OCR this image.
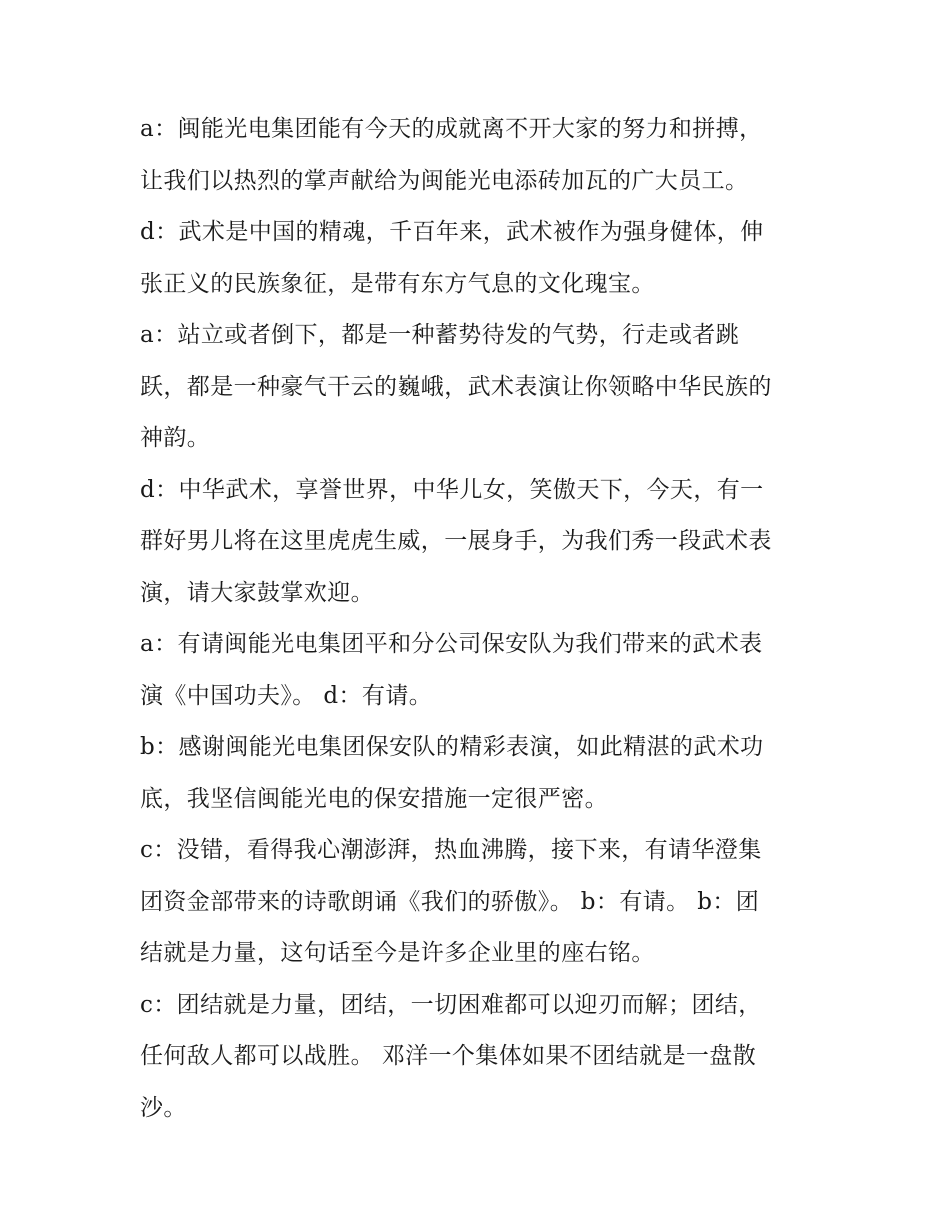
a：闽能光电集团能有今天的成就离不开大家的努力和拼搏，
让我们以热烈的掌声献给为闽能光电添砖加瓦的广大员工。
d：武术是中国的精魂，千百年来，武术被作为强身健体，伸
张正义的民族象征，是带有东方气息的文化瑰宝。
a：站立或者倒下，都是一种蓄势待发的气势，行走或者跳
跃，都是一种豪气干云的巍峨，武术表演让你领略中华民族的
神韵。
d：中华武术，享誉世界，中华儿女，笑傲天下，今天，有一
群好男儿将在这里虎虎生威，一展身手，为我们秀一段武术表
演，请大家鼓掌欢迎。
a：有请闽能光电集团平和分公司保安队为我们带来的武术表
演《中国功夫》。 d：有请。
b：感谢闽能光电集团保安队的精彩表演，如此精湛的武术功
底，我坚信闽能光电的保安措施一定很严密。
c：没错，看得我心潮澎湃，热血沸腾，接下来，有请华澄集
团资金部带来的诗歌朗诵《我们的骄傲》。 b：有请。 b：团
结就是力量，这句话至今是许多企业里的座右铭。
c：团结就是力量，团结，一切困难都可以迎刃而解；团结，
任何敌人都可以战胜。 邓洋一个集体如果不团结就是一盘散
沙。
